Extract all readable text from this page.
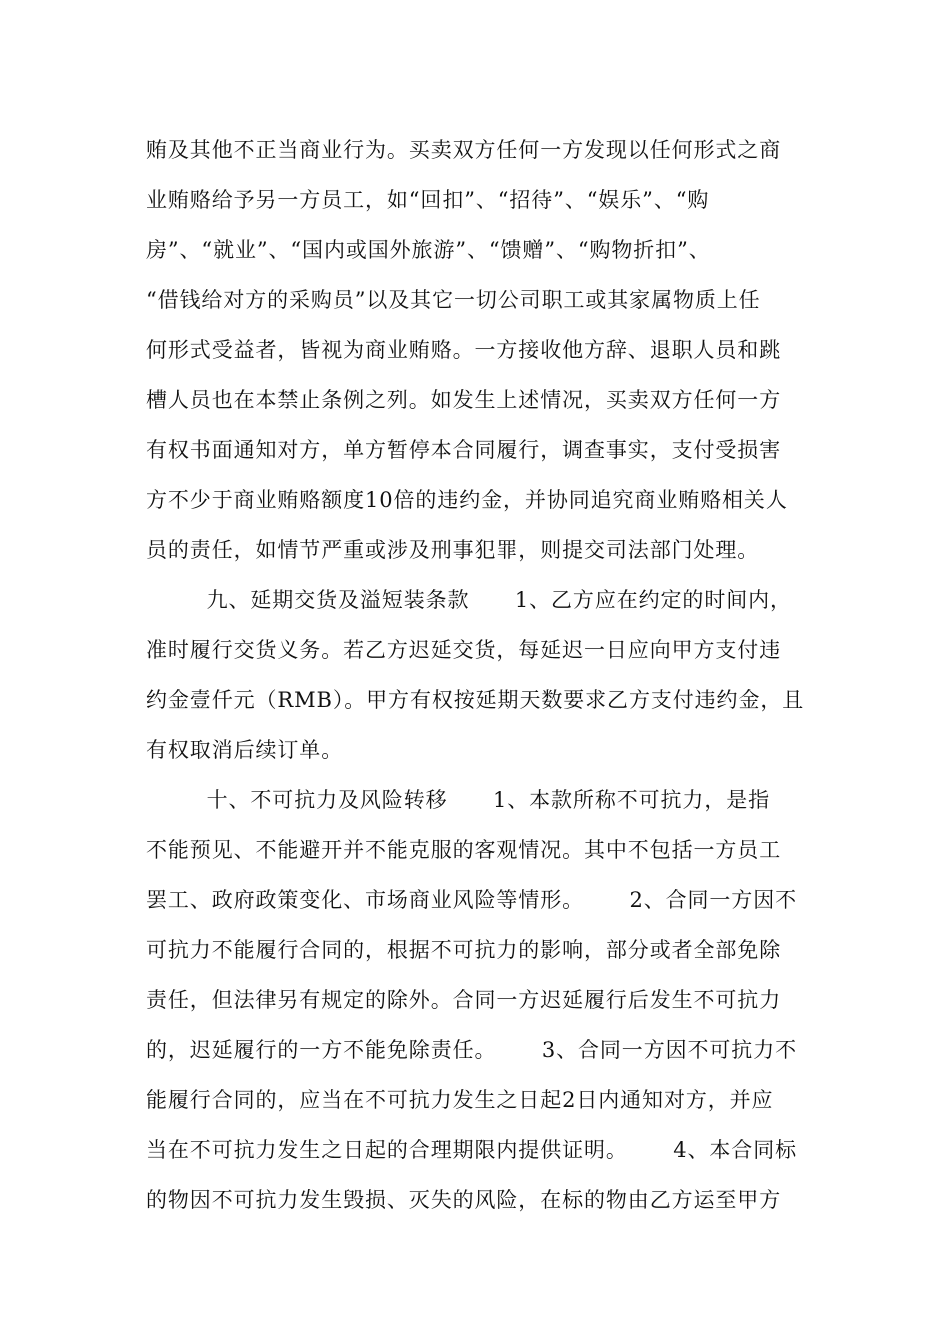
贿及其他不正当商业行为。买卖双方任何一方发现以任何形式之商
业贿赂给予另一方员工，如“回扣”、“招待”、“娱乐”、“购
房”、“就业”、“国内或国外旅游”、“馈赠”、“购物折扣”、
“借钱给对方的采购员”以及其它一切公司职工或其家属物质上任
何形式受益者，皆视为商业贿赂。一方接收他方辞、退职人员和跳
槽人员也在本禁止条例之列。如发生上述情况，买卖双方任何一方
有权书面通知对方，单方暂停本合同履行，调查事实，支付受损害
方不少于商业贿赂额度10倍的违约金，并协同追究商业贿赂相关人
员的责任，如情节严重或涉及刑事犯罪，则提交司法部门处理。
九、延期交货及溢短装条款      1、乙方应在约定的时间内，
准时履行交货义务。若乙方迟延交货，每延迟一日应向甲方支付违
约金壹仟元（RMB）。甲方有权按延期天数要求乙方支付违约金，且
有权取消后续订单。
十、不可抗力及风险转移      1、本款所称不可抗力，是指
不能预见、不能避开并不能克服的客观情况。其中不包括一方员工
罢工、政府政策变化、市场商业风险等情形。      2、合同一方因不
可抗力不能履行合同的，根据不可抗力的影响，部分或者全部免除
责任，但法律另有规定的除外。合同一方迟延履行后发生不可抗力
的，迟延履行的一方不能免除责任。      3、合同一方因不可抗力不
能履行合同的，应当在不可抗力发生之日起2日内通知对方，并应
当在不可抗力发生之日起的合理期限内提供证明。      4、本合同标
的物因不可抗力发生毁损、灭失的风险，在标的物由乙方运至甲方
